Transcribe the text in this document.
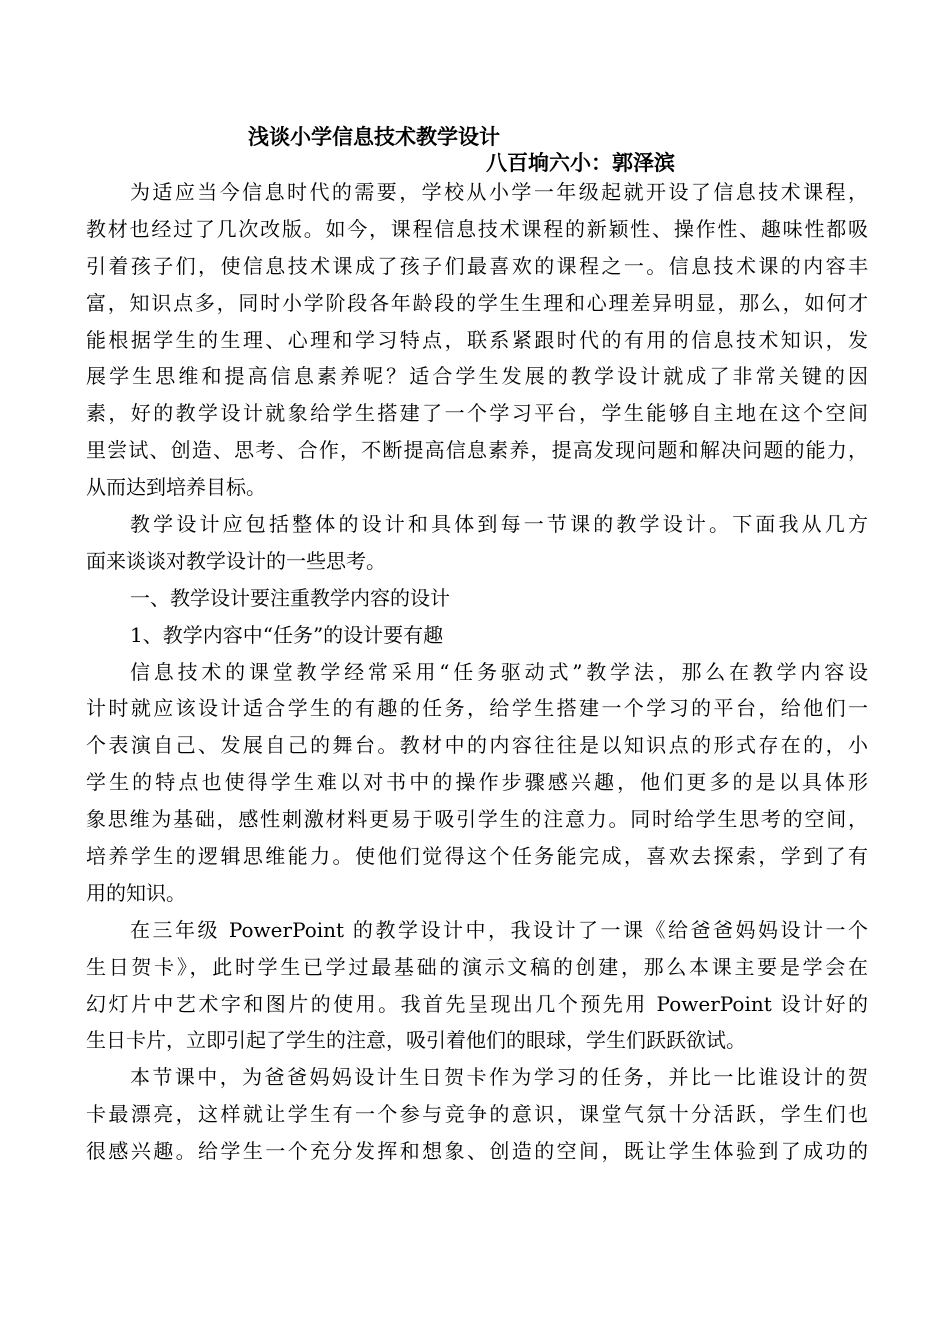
浅谈小学信息技术教学设计
八百垧六小：郭泽滨
为适应当今信息时代的需要，学校从小学一年级起就开设了信息技术课程，
教材也经过了几次改版。如今，课程信息技术课程的新颖性、操作性、趣味性都吸
引着孩子们，使信息技术课成了孩子们最喜欢的课程之一。信息技术课的内容丰
富，知识点多，同时小学阶段各年龄段的学生生理和心理差异明显，那么，如何才
能根据学生的生理、心理和学习特点，联系紧跟时代的有用的信息技术知识，发
展学生思维和提高信息素养呢？适合学生发展的教学设计就成了非常关键的因
素，好的教学设计就象给学生搭建了一个学习平台，学生能够自主地在这个空间
里尝试、创造、思考、合作，不断提高信息素养，提高发现问题和解决问题的能力，
从而达到培养目标。
教学设计应包括整体的设计和具体到每一节课的教学设计。下面我从几方
面来谈谈对教学设计的一些思考。
一、教学设计要注重教学内容的设计
1、教学内容中“任务”的设计要有趣
信息技术的课堂教学经常采用“任务驱动式”教学法，那么在教学内容设
计时就应该设计适合学生的有趣的任务，给学生搭建一个学习的平台，给他们一
个表演自己、发展自己的舞台。教材中的内容往往是以知识点的形式存在的，小
学生的特点也使得学生难以对书中的操作步骤感兴趣，他们更多的是以具体形
象思维为基础，感性刺激材料更易于吸引学生的注意力。同时给学生思考的空间，
培养学生的逻辑思维能力。使他们觉得这个任务能完成，喜欢去探索，学到了有
用的知识。
在三年级 PowerPoint 的教学设计中，我设计了一课《给爸爸妈妈设计一个
生日贺卡》，此时学生已学过最基础的演示文稿的创建，那么本课主要是学会在
幻灯片中艺术字和图片的使用。我首先呈现出几个预先用 PowerPoint 设计好的
生日卡片，立即引起了学生的注意，吸引着他们的眼球，学生们跃跃欲试。
本节课中，为爸爸妈妈设计生日贺卡作为学习的任务，并比一比谁设计的贺
卡最漂亮，这样就让学生有一个参与竞争的意识，课堂气氛十分活跃，学生们也
很感兴趣。给学生一个充分发挥和想象、创造的空间，既让学生体验到了成功的
